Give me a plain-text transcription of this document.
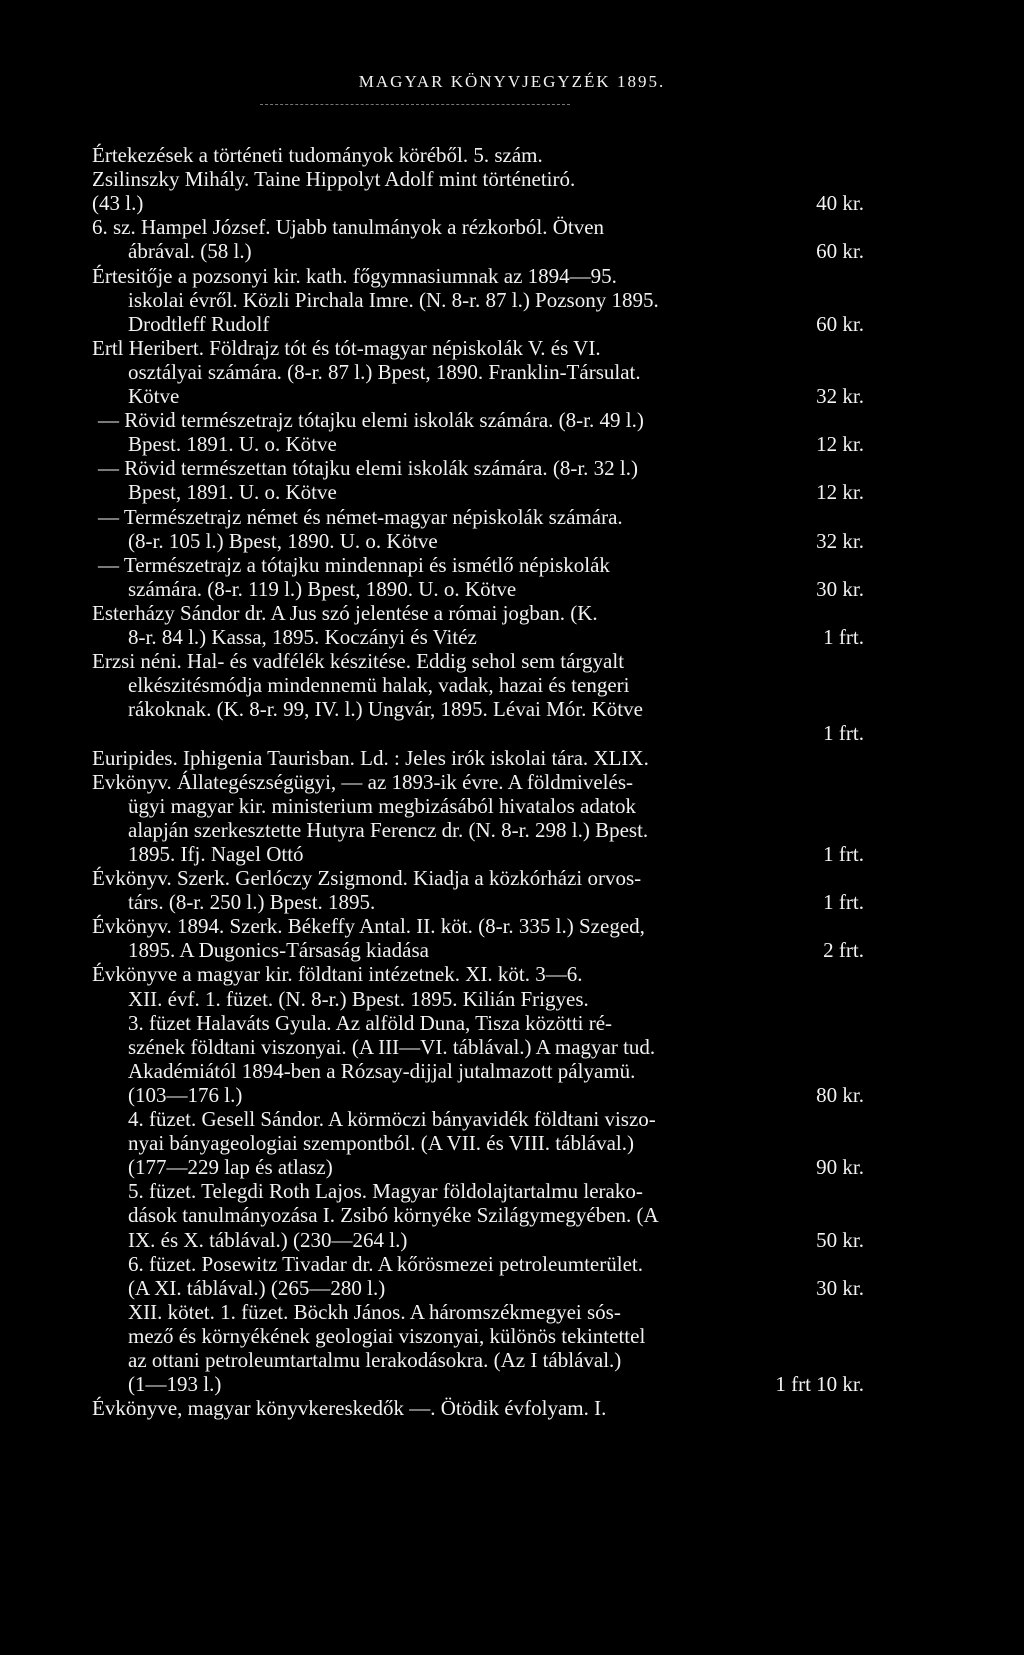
MAGYAR KÖNYVJEGYZÉK 1895.
Értekezések a történeti tudományok köréből. 5. szám.
Zsilinszky Mihály. Taine Hippolyt Adolf mint történetiró.
(43 l.)	40 kr.
6. sz. Hampel József. Ujabb tanulmányok a rézkorból. Ötven
ábrával. (58 l.)	60 kr.
Értesitője a pozsonyi kir. kath. főgymnasiumnak az 1894—95.
iskolai évről. Közli Pirchala Imre. (N. 8-r. 87 l.) Pozsony 1895.
Drodtleff Rudolf	60 kr.
Ertl Heribert. Földrajz tót és tót-magyar népiskolák V. és VI.
osztályai számára. (8-r. 87 l.) Bpest, 1890. Franklin-Társulat.
Kötve	32 kr.
— Rövid természetrajz tótajku elemi iskolák számára. (8-r. 49 l.)
Bpest. 1891. U. o. Kötve	12 kr.
— Rövid természettan tótajku elemi iskolák számára. (8-r. 32 l.)
Bpest, 1891. U. o. Kötve	12 kr.
— Természetrajz német és német-magyar népiskolák számára.
(8-r. 105 l.) Bpest, 1890. U. o. Kötve	32 kr.
— Természetrajz a tótajku mindennapi és ismétlő népiskolák
számára. (8-r. 119 l.) Bpest, 1890. U. o. Kötve	30 kr.
Esterházy Sándor dr. A Jus szó jelentése a római jogban. (K.
8-r. 84 l.) Kassa, 1895. Koczányi és Vitéz	1 frt.
Erzsi néni. Hal- és vadfélék készitése. Eddig sehol sem tárgyalt
elkészitésmódja mindennemü halak, vadak, hazai és tengeri
rákoknak. (K. 8-r. 99, IV. l.) Ungvár, 1895. Lévai Mór. Kötve
1 frt.
Euripides. Iphigenia Taurisban. Ld. : Jeles irók iskolai tára. XLIX.
Evkönyv. Állategészségügyi, — az 1893-ik évre. A földmivelés-
ügyi magyar kir. ministerium megbizásából hivatalos adatok
alapján szerkesztette Hutyra Ferencz dr. (N. 8-r. 298 l.) Bpest.
1895. Ifj. Nagel Ottó	1 frt.
Évkönyv. Szerk. Gerlóczy Zsigmond. Kiadja a közkórházi orvos-
társ. (8-r. 250 l.) Bpest. 1895.	1 frt.
Évkönyv. 1894. Szerk. Békeffy Antal. II. köt. (8-r. 335 l.) Szeged,
1895. A Dugonics-Társaság kiadása	2 frt.
Évkönyve a magyar kir. földtani intézetnek. XI. köt. 3—6.
XII. évf. 1. füzet. (N. 8-r.) Bpest. 1895. Kilián Frigyes.
3. füzet Halaváts Gyula. Az alföld Duna, Tisza közötti ré-
szének földtani viszonyai. (A III—VI. táblával.) A magyar tud.
Akadémiától 1894-ben a Rózsay-dijjal jutalmazott pályamü.
(103—176 l.)	80 kr.
4. füzet. Gesell Sándor. A körmöczi bányavidék földtani viszo-
nyai bányageologiai szempontból. (A VII. és VIII. táblával.)
(177—229 lap és atlasz)	90 kr.
5. füzet. Telegdi Roth Lajos. Magyar földolajtartalmu lerako-
dások tanulmányozása I. Zsibó környéke Szilágymegyében. (A
IX. és X. táblával.) (230—264 l.)	50 kr.
6. füzet. Posewitz Tivadar dr. A kőrösmezei petroleumterület.
(A XI. táblával.) (265—280 l.)	30 kr.
XII. kötet. 1. füzet. Böckh János. A háromszékmegyei sós-
mező és környékének geologiai viszonyai, különös tekintettel
az ottani petroleumtartalmu lerakodásokra. (Az I táblával.)
(1—193 l.)	1 frt 10 kr.
Évkönyve, magyar könyvkereskedők —. Ötödik évfolyam. I.
